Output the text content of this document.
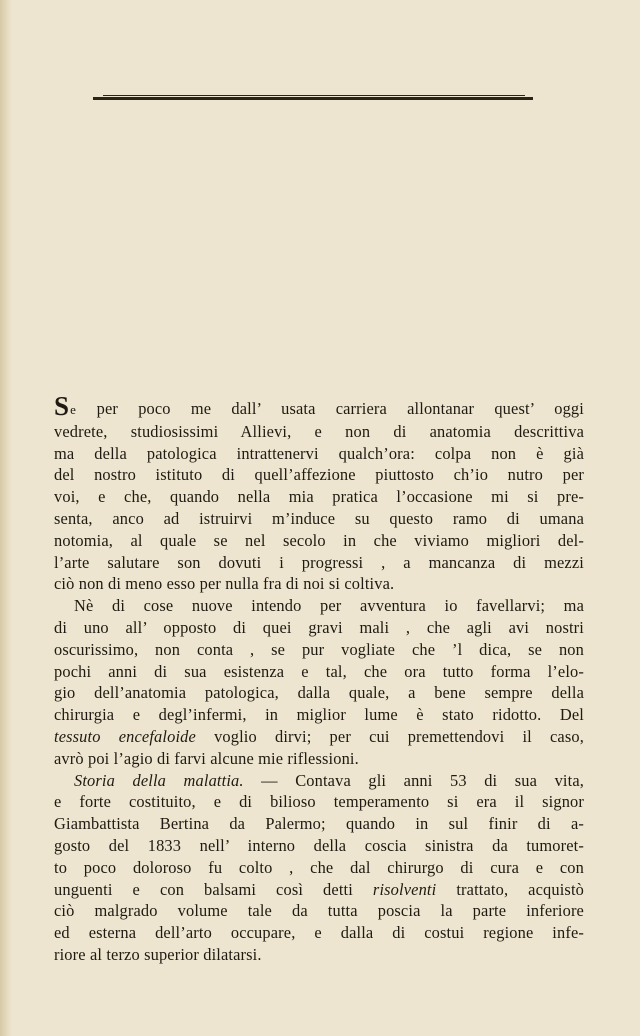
Se per poco me dall’ usata carriera allontanar quest’ oggi
vedrete, studiosissimi Allievi, e non di anatomia descrittiva
ma della patologica intrattenervi qualch’ora: colpa non è già
del nostro istituto di quell’affezione piuttosto ch’io nutro per
voi, e che, quando nella mia pratica l’occasione mi si pre-
senta, anco ad istruirvi m’induce su questo ramo di umana
notomia, al quale se nel secolo in che viviamo migliori del-
l’arte salutare son dovuti i progressi , a mancanza di mezzi
ciò non di meno esso per nulla fra di noi si coltiva.
Nè di cose nuove intendo per avventura io favellarvi; ma
di uno all’ opposto di quei gravi mali , che agli avi nostri
oscurissimo, non conta , se pur vogliate che ’l dica, se non
pochi anni di sua esistenza e tal, che ora tutto forma l’elo-
gio dell’anatomia patologica, dalla quale, a bene sempre della
chirurgia e degl’infermi, in miglior lume è stato ridotto. Del
tessuto encefaloide voglio dirvi; per cui premettendovi il caso,
avrò poi l’agio di farvi alcune mie riflessioni.
Storia della malattia. — Contava gli anni 53 di sua vita,
e forte costituito, e di bilioso temperamento si era il signor
Giambattista Bertina da Palermo; quando in sul finir di a-
gosto del 1833 nell’ interno della coscia sinistra da tumoret-
to poco doloroso fu colto , che dal chirurgo di cura e con
unguenti e con balsami così detti risolventi trattato, acquistò
ciò malgrado volume tale da tutta poscia la parte inferiore
ed esterna dell’arto occupare, e dalla di costui regione infe-
riore al terzo superior dilatarsi.
